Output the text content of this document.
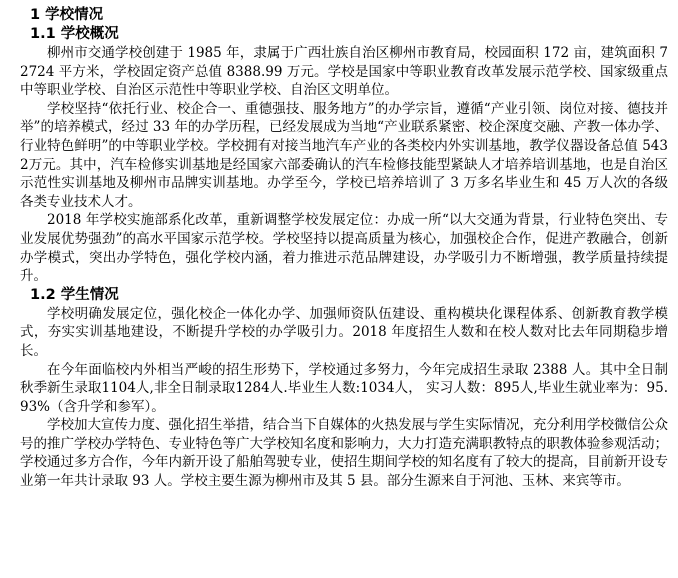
1 学校情况
1.1 学校概况

柳州市交通学校创建于 1985 年，隶属于广西壮族自治区柳州市教育局，校园面积 172 亩，建筑面积 72724 平方米，学校固定资产总值 8388.99 万元。学校是国家中等职业教育改革发展示范学校、国家级重点中等职业学校、自治区示范性中等职业学校、自治区文明单位。

学校坚持“依托行业、校企合一、重德强技、服务地方”的办学宗旨，遵循“产业引领、岗位对接、德技并举”的培养模式，经过 33 年的办学历程，已经发展成为当地“产业联系紧密、校企深度交融、产教一体办学、行业特色鲜明”的中等职业学校。学校拥有对接当地汽车产业的各类校内外实训基地，教学仪器设备总值 5432万元。其中，汽车检修实训基地是经国家六部委确认的汽车检修技能型紧缺人才培养培训基地，也是自治区示范性实训基地及柳州市品牌实训基地。办学至今，学校已培养培训了 3 万多名毕业生和 45 万人次的各级各类专业技术人才。

2018 年学校实施部系化改革，重新调整学校发展定位：办成一所“以大交通为背景，行业特色突出、专业发展优势强劲”的高水平国家示范学校。学校坚持以提高质量为核心，加强校企合作，促进产教融合，创新办学模式，突出办学特色，强化学校内涵，着力推进示范品牌建设，办学吸引力不断增强，教学质量持续提升。

1.2 学生情况

学校明确发展定位，强化校企一体化办学、加强师资队伍建设、重构模块化课程体系、创新教育教学模式，夯实实训基地建设，不断提升学校的办学吸引力。2018 年度招生人数和在校人数对比去年同期稳步增长。

在今年面临校内外相当严峻的招生形势下，学校通过多努力，今年完成招生录取 2388 人。其中全日制秋季新生录取1104人,非全日制录取1284人.毕业生人数:1034人， 实习人数：895人,毕业生就业率为：95.93%（含升学和参军）。

学校加大宣传力度、强化招生举措，结合当下自媒体的火热发展与学生实际情况，充分利用学校微信公众号的推广学校办学特色、专业特色等广大学校知名度和影响力，大力打造充满职教特点的职教体验参观活动；学校通过多方合作，今年内新开设了船舶驾驶专业，使招生期间学校的知名度有了较大的提高，目前新开设专业第一年共计录取 93 人。学校主要生源为柳州市及其 5 县。部分生源来自于河池、玉林、来宾等市。
